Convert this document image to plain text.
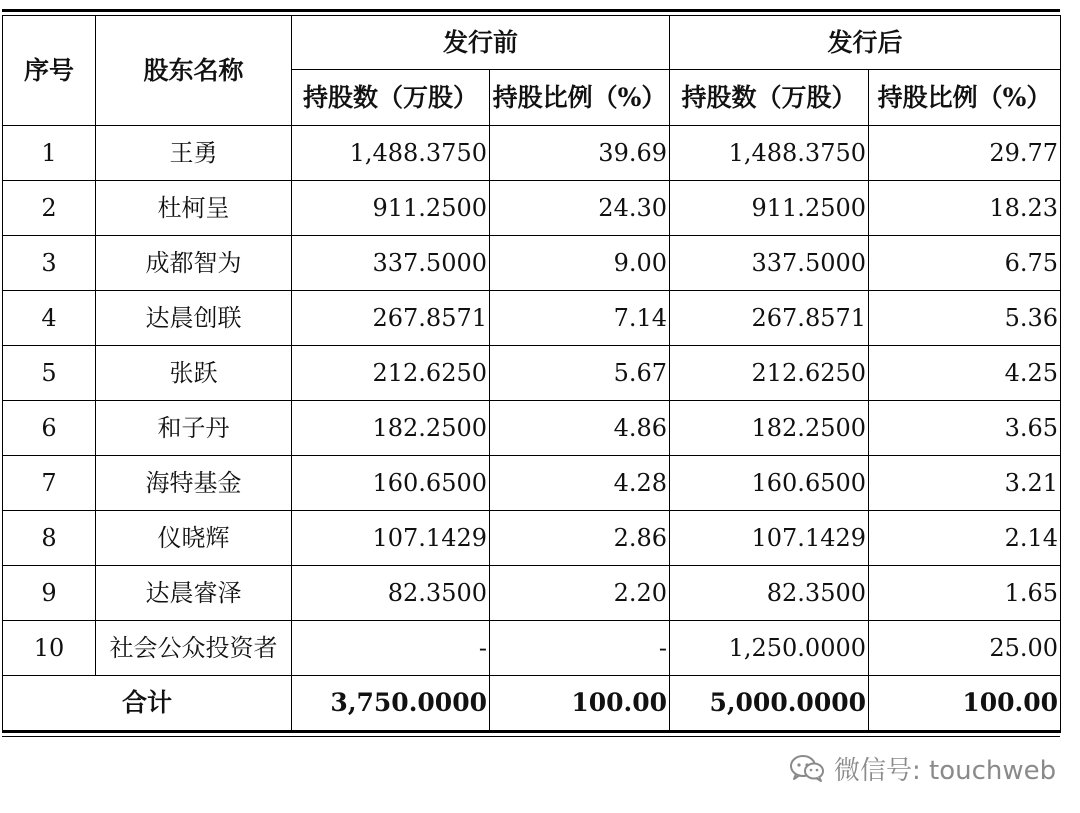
序号	股东名称	发行前		发行后	
		持股数（万股）	持股比例（%）	持股数（万股）	持股比例（%）
1	王勇	1,488.3750	39.69	1,488.3750	29.77
2	杜柯呈	911.2500	24.30	911.2500	18.23
3	成都智为	337.5000	9.00	337.5000	6.75
4	达晨创联	267.8571	7.14	267.8571	5.36
5	张跃	212.6250	5.67	212.6250	4.25
6	和子丹	182.2500	4.86	182.2500	3.65
7	海特基金	160.6500	4.28	160.6500	3.21
8	仪晓辉	107.1429	2.86	107.1429	2.14
9	达晨睿泽	82.3500	2.20	82.3500	1.65
10	社会公众投资者	-	-	1,250.0000	25.00
合计		3,750.0000	100.00	5,000.0000	100.00
微信号: touchweb
